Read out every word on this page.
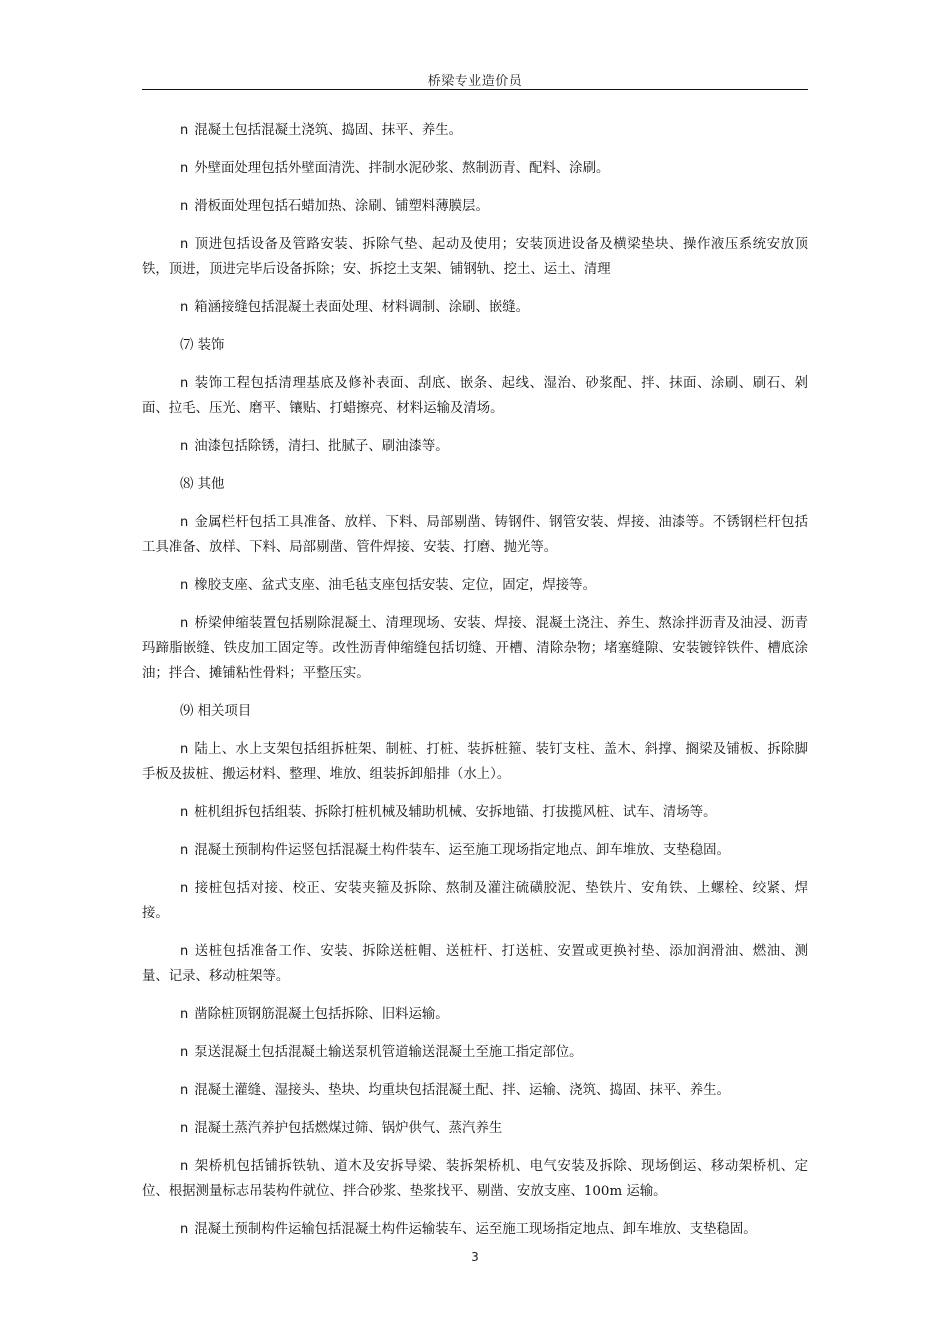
桥梁专业造价员

n 混凝土包括混凝土浇筑、捣固、抹平、养生。

n 外壁面处理包括外壁面清洗、拌制水泥砂浆、熬制沥青、配料、涂刷。

n 滑板面处理包括石蜡加热、涂刷、铺塑料薄膜层。

n 顶进包括设备及管路安装、拆除气垫、起动及使用；安装顶进设备及横梁垫块、操作液压系统安放顶铁，顶进，顶进完毕后设备拆除；安、拆挖土支架、铺钢轨、挖土、运土、清理

n 箱涵接缝包括混凝土表面处理、材料调制、涂刷、嵌缝。

⑺ 装饰

n 装饰工程包括清理基底及修补表面、刮底、嵌条、起线、湿治、砂浆配、拌、抹面、涂刷、刷石、剁面、拉毛、压光、磨平、镶贴、打蜡擦亮、材料运输及清场。

n 油漆包括除锈，清扫、批腻子、刷油漆等。

⑻ 其他

n 金属栏杆包括工具准备、放样、下料、局部剔凿、铸钢件、钢管安装、焊接、油漆等。不锈钢栏杆包括工具准备、放样、下料、局部剔凿、管件焊接、安装、打磨、抛光等。

n 橡胶支座、盆式支座、油毛毡支座包括安装、定位，固定，焊接等。

n 桥梁伸缩装置包括剔除混凝土、清理现场、安装、焊接、混凝土浇注、养生、熬涂拌沥青及油浸、沥青玛蹄脂嵌缝、铁皮加工固定等。改性沥青伸缩缝包括切缝、开槽、清除杂物；堵塞缝隙、安装镀锌铁件、槽底涂油；拌合、摊铺粘性骨料；平整压实。

⑼ 相关项目

n 陆上、水上支架包括组拆桩架、制桩、打桩、装拆桩箍、装钉支柱、盖木、斜撑、搁梁及铺板、拆除脚手板及拔桩、搬运材料、整理、堆放、组装拆卸船排（水上）。

n 桩机组拆包括组装、拆除打桩机械及辅助机械、安拆地锚、打拔揽风桩、试车、清场等。

n 混凝土预制构件运竖包括混凝土构件装车、运至施工现场指定地点、卸车堆放、支垫稳固。

n 接桩包括对接、校正、安装夹箍及拆除、熬制及灌注硫磺胶泥、垫铁片、安角铁、上螺栓、绞紧、焊接。

n 送桩包括准备工作、安装、拆除送桩帽、送桩杆、打送桩、安置或更换衬垫、添加润滑油、燃油、测量、记录、移动桩架等。

n 凿除桩顶钢筋混凝土包括拆除、旧料运输。

n 泵送混凝土包括混凝土输送泵机管道输送混凝土至施工指定部位。

n 混凝土灌缝、湿接头、垫块、均重块包括混凝土配、拌、运输、浇筑、捣固、抹平、养生。

n 混凝土蒸汽养护包括燃煤过筛、锅炉供气、蒸汽养生

n 架桥机包括铺拆铁轨、道木及安拆导梁、装拆架桥机、电气安装及拆除、现场倒运、移动架桥机、定位、根据测量标志吊装构件就位、拌合砂浆、垫浆找平、剔凿、安放支座、100m 运输。

n 混凝土预制构件运输包括混凝土构件运输装车、运至施工现场指定地点、卸车堆放、支垫稳固。

3
